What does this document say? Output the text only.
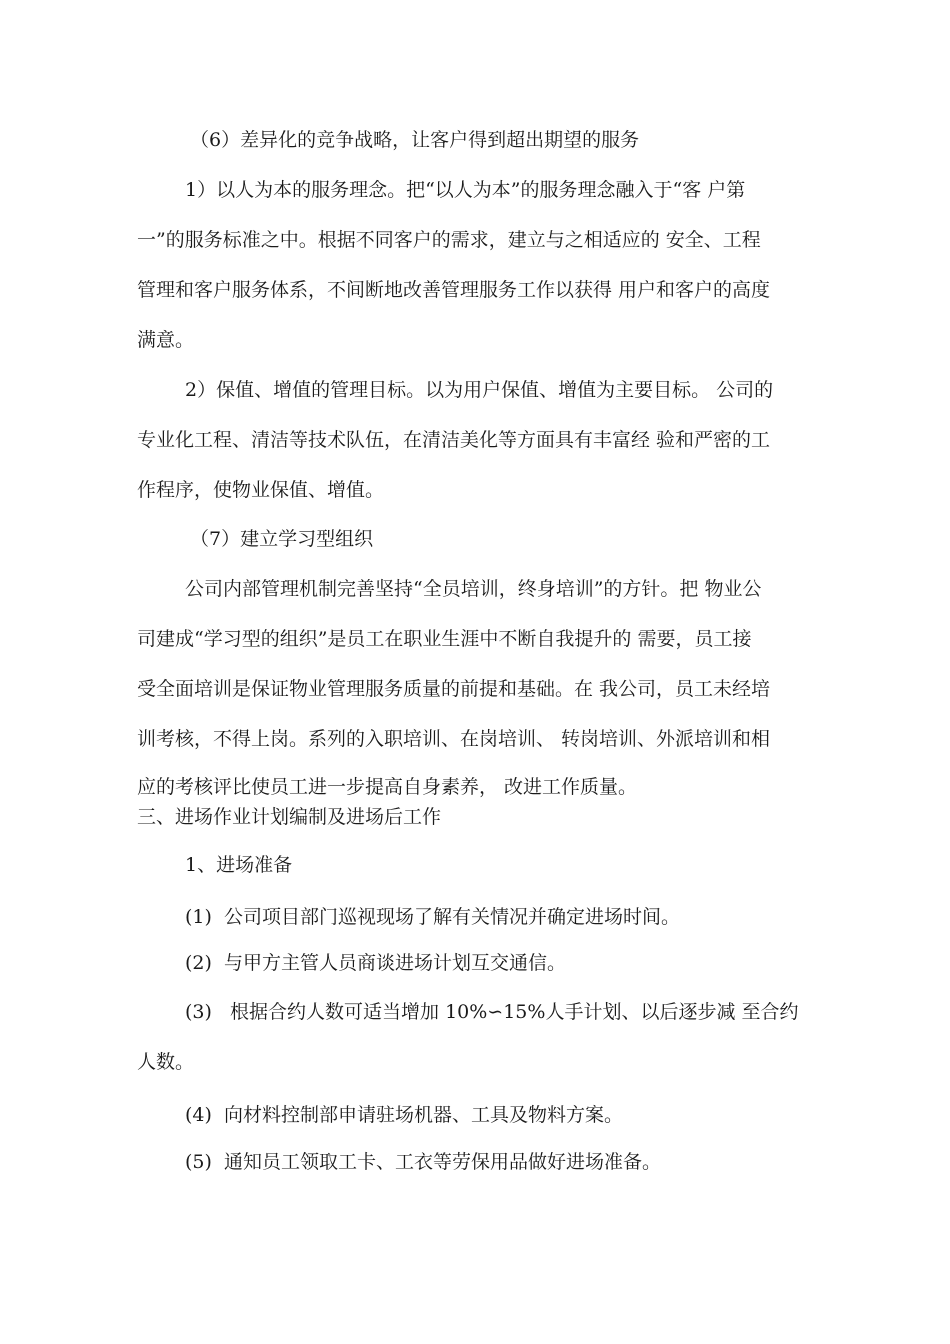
（6）差异化的竞争战略，让客户得到超出期望的服务
1）以人为本的服务理念。把“以人为本”的服务理念融入于“客 户第
一”的服务标准之中。根据不同客户的需求，建立与之相适应的 安全、工程
管理和客户服务体系，不间断地改善管理服务工作以获得 用户和客户的高度
满意。
2）保值、增值的管理目标。以为用户保值、增值为主要目标。 公司的
专业化工程、清洁等技术队伍，在清洁美化等方面具有丰富经 验和严密的工
作程序，使物业保值、增值。
（7）建立学习型组织
公司内部管理机制完善坚持“全员培训，终身培训”的方针。把 物业公
司建成“学习型的组织”是员工在职业生涯中不断自我提升的 需要，员工接
受全面培训是保证物业管理服务质量的前提和基础。在 我公司，员工未经培
训考核，不得上岗。系列的入职培训、在岗培训、 转岗培训、外派培训和相
应的考核评比使员工进一步提高自身素养， 改进工作质量。
三、进场作业计划编制及进场后工作
1、进场准备
(1)  公司项目部门巡视现场了解有关情况并确定进场时间。
(2)  与甲方主管人员商谈进场计划互交通信。
(3)   根据合约人数可适当增加 10%∽15%人手计划、以后逐步减 至合约
人数。
(4)  向材料控制部申请驻场机器、工具及物料方案。
(5)  通知员工领取工卡、工衣等劳保用品做好进场准备。
